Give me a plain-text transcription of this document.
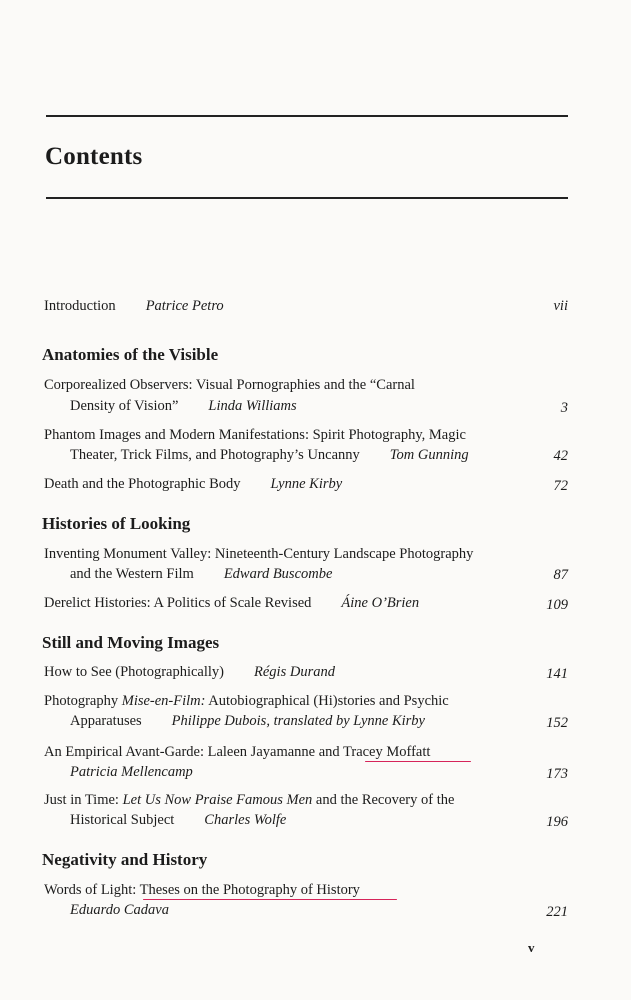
Contents
Introduction Patrice Petro	vii
Anatomies of the Visible
Corporealized Observers: Visual Pornographies and the “Carnal
Density of Vision” Linda Williams	3
Phantom Images and Modern Manifestations: Spirit Photography, Magic
Theater, Trick Films, and Photography’s Uncanny Tom Gunning	42
Death and the Photographic Body Lynne Kirby	72
Histories of Looking
Inventing Monument Valley: Nineteenth-Century Landscape Photography
and the Western Film Edward Buscombe	87
Derelict Histories: A Politics of Scale Revised Áine O’Brien	109
Still and Moving Images
How to See (Photographically) Régis Durand	141
Photography Mise-en-Film: Autobiographical (Hi)stories and Psychic
Apparatuses Philippe Dubois, translated by Lynne Kirby	152
An Empirical Avant-Garde: Laleen Jayamanne and Tracey Moffatt
Patricia Mellencamp	173
Just in Time: Let Us Now Praise Famous Men and the Recovery of the
Historical Subject Charles Wolfe	196
Negativity and History
Words of Light: Theses on the Photography of History
Eduardo Cadava	221
v
